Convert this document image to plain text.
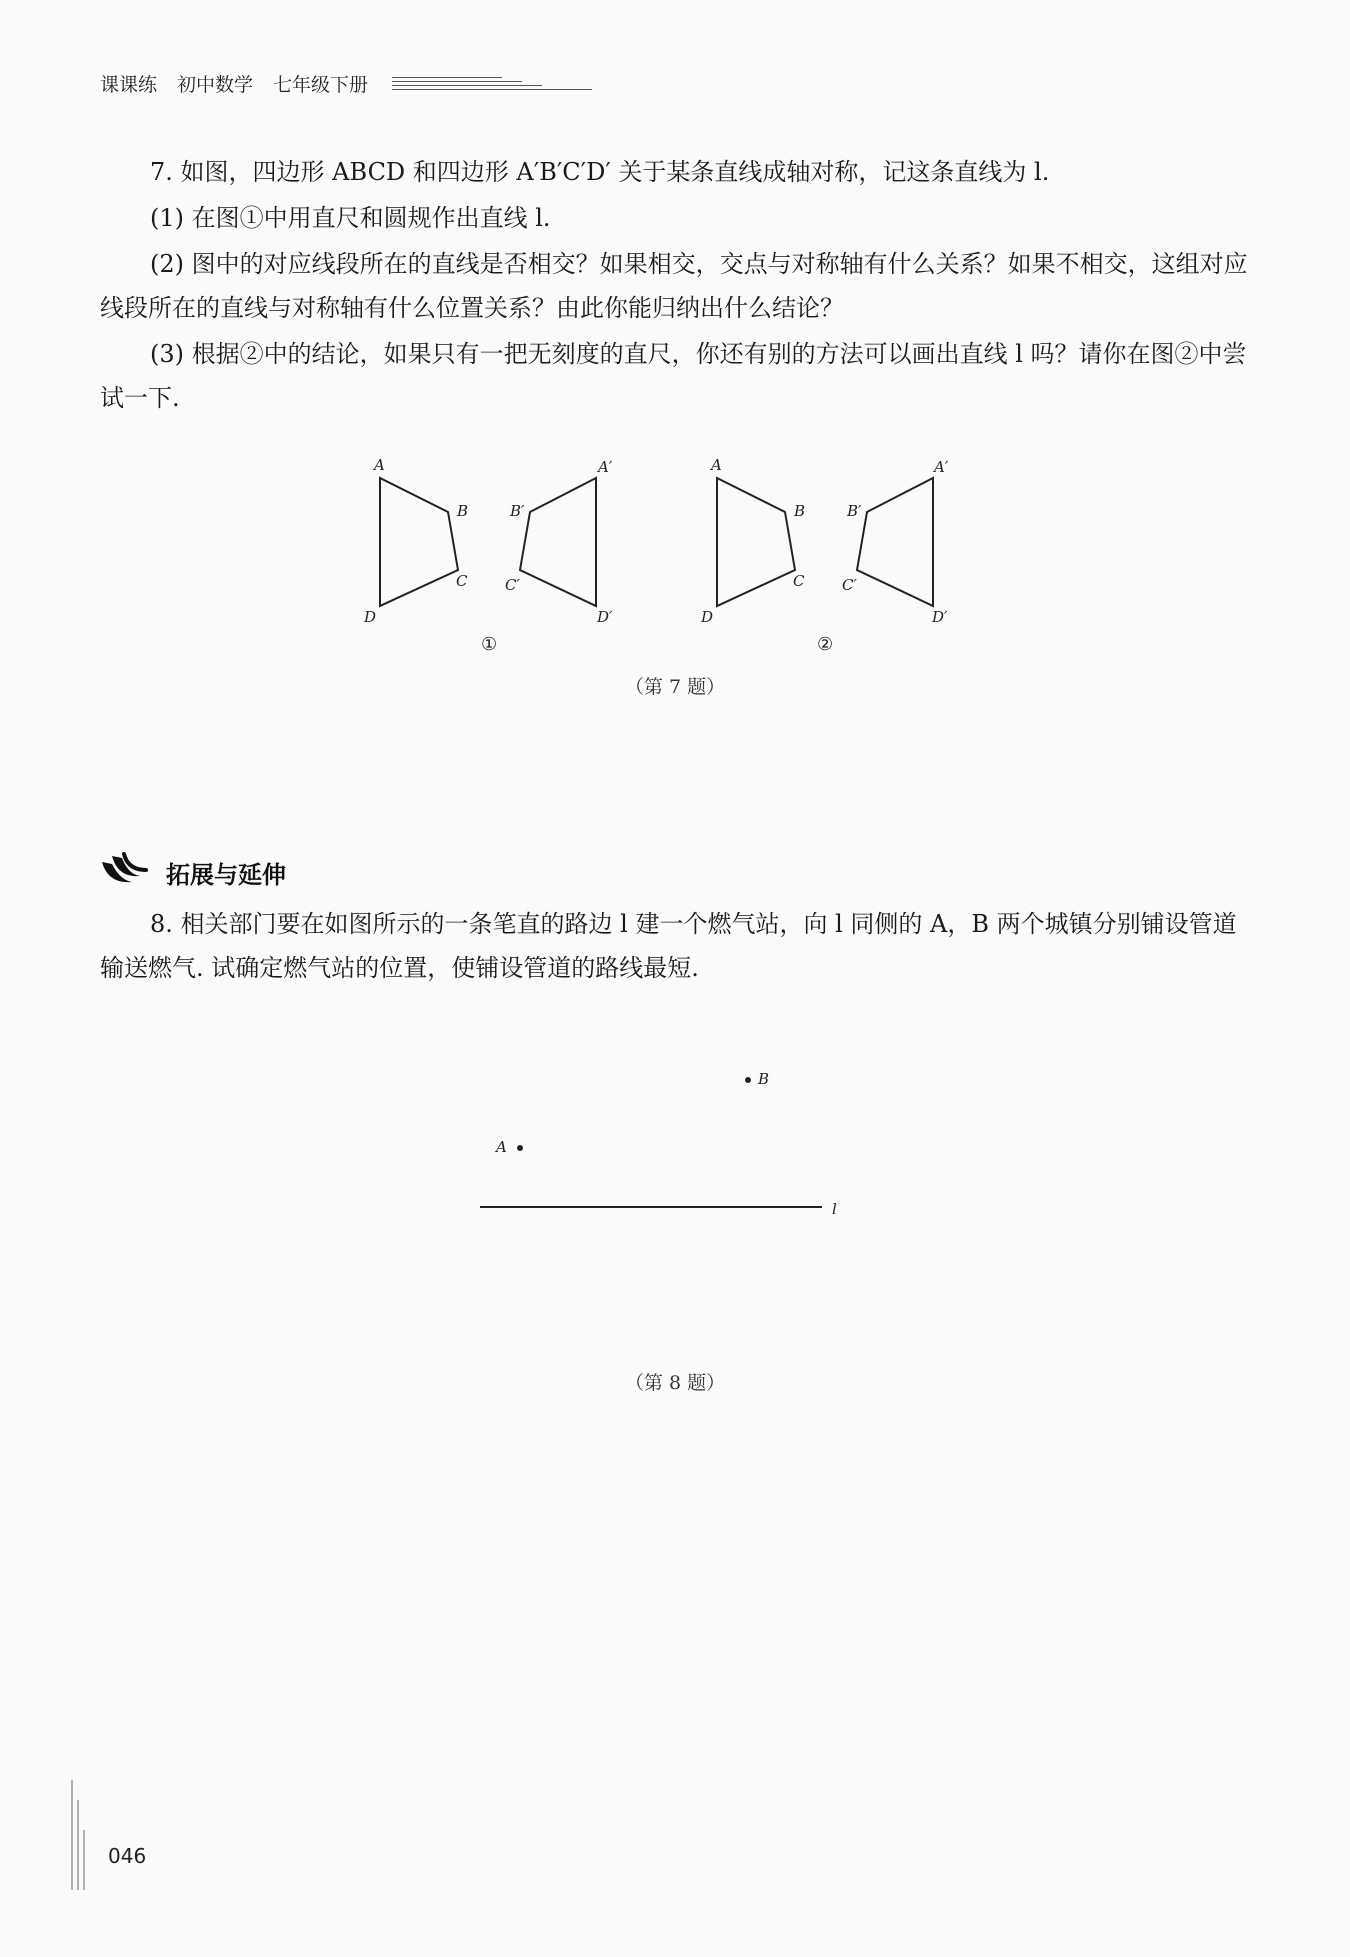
课课练 初中数学 七年级下册

7. 如图，四边形 ABCD 和四边形 A′B′C′D′ 关于某条直线成轴对称，记这条直线为 l.

(1) 在图①中用直尺和圆规作出直线 l.

(2) 图中的对应线段所在的直线是否相交？如果相交，交点与对称轴有什么关系？如果不相交，这组对应线段所在的直线与对称轴有什么位置关系？由此你能归纳出什么结论？

(3) 根据②中的结论，如果只有一把无刻度的直尺，你还有别的方法可以画出直线 l 吗？请你在图②中尝试一下.

A
B
C
D
A′
B′
C′
D′
A
B
C
D
A′
B′
C′
D′
①	②
（第 7 题）
拓展与延伸

8. 相关部门要在如图所示的一条笔直的路边 l 建一个燃气站，向 l 同侧的 A，B 两个城镇分别铺设管道输送燃气. 试确定燃气站的位置，使铺设管道的路线最短.

B
A
l
（第 8 题）
046
